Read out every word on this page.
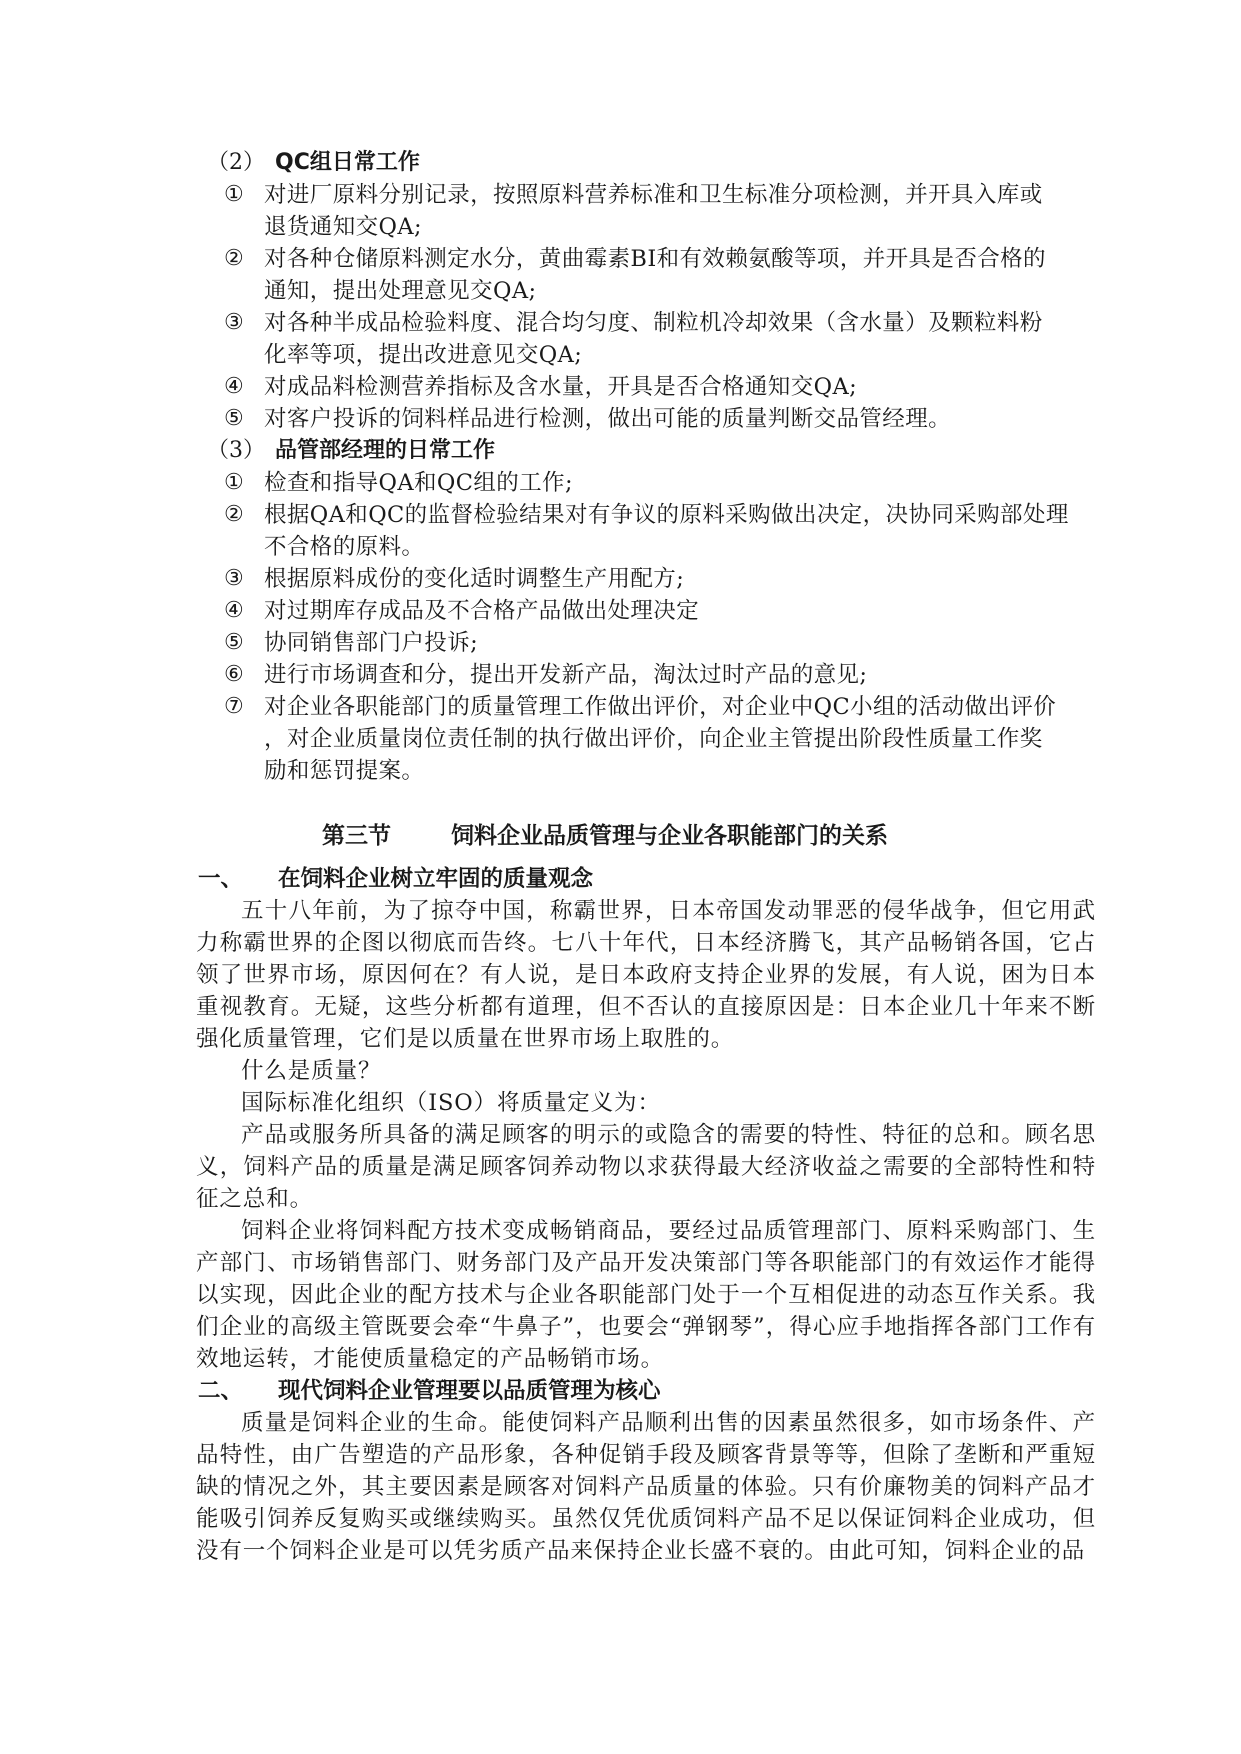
（2） QC组日常工作
① 对进厂原料分别记录，按照原料营养标准和卫生标准分项检测，并开具入库或
退货通知交QA;
② 对各种仓储原料测定水分，黄曲霉素BI和有效赖氨酸等项，并开具是否合格的
通知，提出处理意见交QA;
③ 对各种半成品检验料度、混合均匀度、制粒机冷却效果（含水量）及颗粒料粉
化率等项，提出改进意见交QA;
④ 对成品料检测营养指标及含水量，开具是否合格通知交QA;
⑤ 对客户投诉的饲料样品进行检测，做出可能的质量判断交品管经理。
（3） 品管部经理的日常工作
① 检查和指导QA和QC组的工作;
② 根据QA和QC的监督检验结果对有争议的原料采购做出决定，决协同采购部处理
不合格的原料。
③ 根据原料成份的变化适时调整生产用配方;
④ 对过期库存成品及不合格产品做出处理决定
⑤ 协同销售部门户投诉;
⑥ 进行市场调查和分，提出开发新产品，淘汰过时产品的意见;
⑦ 对企业各职能部门的质量管理工作做出评价，对企业中QC小组的活动做出评价
，对企业质量岗位责任制的执行做出评价，向企业主管提出阶段性质量工作奖
励和惩罚提案。
第三节	饲料企业品质管理与企业各职能部门的关系
一、 在饲料企业树立牢固的质量观念
五十八年前，为了掠夺中国，称霸世界，日本帝国发动罪恶的侵华战争，但它用武力称霸世界的企图以彻底而告终。七八十年代，日本经济腾飞，其产品畅销各国，它占领了世界市场，原因何在？有人说，是日本政府支持企业界的发展，有人说，困为日本重视教育。无疑，这些分析都有道理，但不否认的直接原因是：日本企业几十年来不断强化质量管理，它们是以质量在世界市场上取胜的。
什么是质量？
国际标准化组织（ISO）将质量定义为：
产品或服务所具备的满足顾客的明示的或隐含的需要的特性、特征的总和。顾名思义，饲料产品的质量是满足顾客饲养动物以求获得最大经济收益之需要的全部特性和特征之总和。
饲料企业将饲料配方技术变成畅销商品，要经过品质管理部门、原料采购部门、生产部门、市场销售部门、财务部门及产品开发决策部门等各职能部门的有效运作才能得以实现，因此企业的配方技术与企业各职能部门处于一个互相促进的动态互作关系。我们企业的高级主管既要会牵“牛鼻子”，也要会“弹钢琴”，得心应手地指挥各部门工作有效地运转，才能使质量稳定的产品畅销市场。
二、 现代饲料企业管理要以品质管理为核心
质量是饲料企业的生命。能使饲料产品顺利出售的因素虽然很多，如市场条件、产品特性，由广告塑造的产品形象，各种促销手段及顾客背景等等，但除了垄断和严重短缺的情况之外，其主要因素是顾客对饲料产品质量的体验。只有价廉物美的饲料产品才能吸引饲养反复购买或继续购买。虽然仅凭优质饲料产品不足以保证饲料企业成功，但没有一个饲料企业是可以凭劣质产品来保持企业长盛不衰的。由此可知，饲料企业的品
